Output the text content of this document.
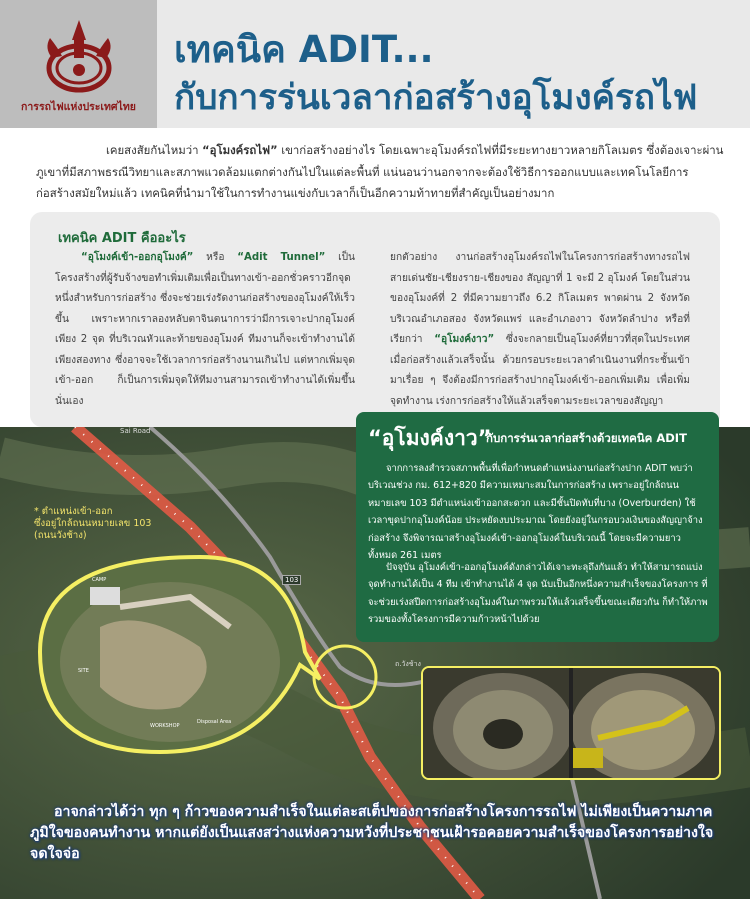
การรถไฟแห่งประเทศไทย
เทคนิค ADIT...
กับการร่นเวลาก่อสร้างอุโมงค์รถไฟ
เคยสงสัยกันไหมว่า “อุโมงค์รถไฟ” เขาก่อสร้างอย่างไร โดยเฉพาะอุโมงค์รถไฟที่มีระยะทางยาวหลายกิโลเมตร ซึ่งต้องเจาะผ่านภูเขาที่มีสภาพธรณีวิทยาและสภาพแวดล้อมแตกต่างกันไปในแต่ละพื้นที่ แน่นอนว่านอกจากจะต้องใช้วิธีการออกแบบและเทคโนโลยีการก่อสร้างสมัยใหม่แล้ว เทคนิคที่นำมาใช้ในการทำงานแข่งกับเวลาก็เป็นอีกความท้าทายที่สำคัญเป็นอย่างมาก
เทคนิค ADIT คืออะไร
“อุโมงค์เข้า-ออกอุโมงค์” หรือ “Adit Tunnel” เป็นโครงสร้างที่ผู้รับจ้างขอทำเพิ่มเติมเพื่อเป็นทางเข้า-ออกชั่วคราวอีกจุดหนึ่งสำหรับการก่อสร้าง ซึ่งจะช่วยเร่งรัดงานก่อสร้างของอุโมงค์ให้เร็วขึ้น เพราะหากเราลองหลับตาจินตนาการว่ามีการเจาะปากอุโมงค์เพียง 2 จุด ที่บริเวณหัวและท้ายของอุโมงค์ ทีมงานก็จะเข้าทำงานได้เพียงสองทาง ซึ่งอาจจะใช้เวลาการก่อสร้างนานเกินไป แต่หากเพิ่มจุดเข้า-ออก ก็เป็นการเพิ่มจุดให้ทีมงานสามารถเข้าทำงานได้เพิ่มขึ้นนั่นเอง
ยกตัวอย่าง งานก่อสร้างอุโมงค์รถไฟในโครงการก่อสร้างทางรถไฟสายเด่นชัย-เชียงราย-เชียงของ สัญญาที่ 1 จะมี 2 อุโมงค์ โดยในส่วนของอุโมงค์ที่ 2 ที่มีความยาวถึง 6.2 กิโลเมตร พาดผ่าน 2 จังหวัด บริเวณอำเภอสอง จังหวัดแพร่ และอำเภองาว จังหวัดลำปาง หรือที่เรียกว่า “อุโมงค์งาว” ซึ่งจะกลายเป็นอุโมงค์ที่ยาวที่สุดในประเทศ เมื่อก่อสร้างแล้วเสร็จนั้น ด้วยกรอบระยะเวลาดำเนินงานที่กระชั้นเข้ามาเรื่อย ๆ จึงต้องมีการก่อสร้างปากอุโมงค์เข้า-ออกเพิ่มเติม เพื่อเพิ่มจุดทำงาน เร่งการก่อสร้างให้แล้วเสร็จตามระยะเวลาของสัญญา
CAMP
SITE
WORKSHOP
Disposal Area
103
Sai Road
ถ.วังช้าง
* ตำแหน่งเข้า-ออก
ซึ่งอยู่ใกล้ถนนหมายเลข 103
(ถนนวังช้าง)
“อุโมงค์งาว”
กับการร่นเวลาก่อสร้างด้วยเทคนิค ADIT
จากการลงสำรวจสภาพพื้นที่เพื่อกำหนดตำแหน่งงานก่อสร้างปาก ADIT พบว่าบริเวณช่วง กม. 612+820 มีความเหมาะสมในการก่อสร้าง เพราะอยู่ใกล้ถนนหมายเลข 103 มีตำแหน่งเข้าออกสะดวก และมีชั้นปิดทับที่บาง (Overburden) ใช้เวลาขุดปากอุโมงค์น้อย ประหยัดงบประมาณ โดยยังอยู่ในกรอบวงเงินของสัญญาจ้างก่อสร้าง จึงพิจารณาสร้างอุโมงค์เข้า-ออกอุโมงค์ในบริเวณนี้ โดยจะมีความยาวทั้งหมด 261 เมตร
ปัจจุบัน อุโมงค์เข้า-ออกอุโมงค์ดังกล่าวได้เจาะทะลุถึงกันแล้ว ทำให้สามารถแบ่งจุดทำงานได้เป็น 4 ทีม เข้าทำงานได้ 4 จุด นับเป็นอีกหนึ่งความสำเร็จของโครงการ ที่จะช่วยเร่งสปีดการก่อสร้างอุโมงค์ในภาพรวมให้แล้วเสร็จขึ้นขณะเดียวกัน ก็ทำให้ภาพรวมของทั้งโครงการมีความก้าวหน้าไปด้วย
อาจกล่าวได้ว่า ทุก ๆ ก้าวของความสำเร็จในแต่ละสเต็ปของการก่อสร้างโครงการรถไฟ ไม่เพียงเป็นความภาคภูมิใจของคนทำงาน หากแต่ยังเป็นแสงสว่างแห่งความหวังที่ประชาชนเฝ้ารอคอยความสำเร็จของโครงการอย่างใจจดใจจ่อ
